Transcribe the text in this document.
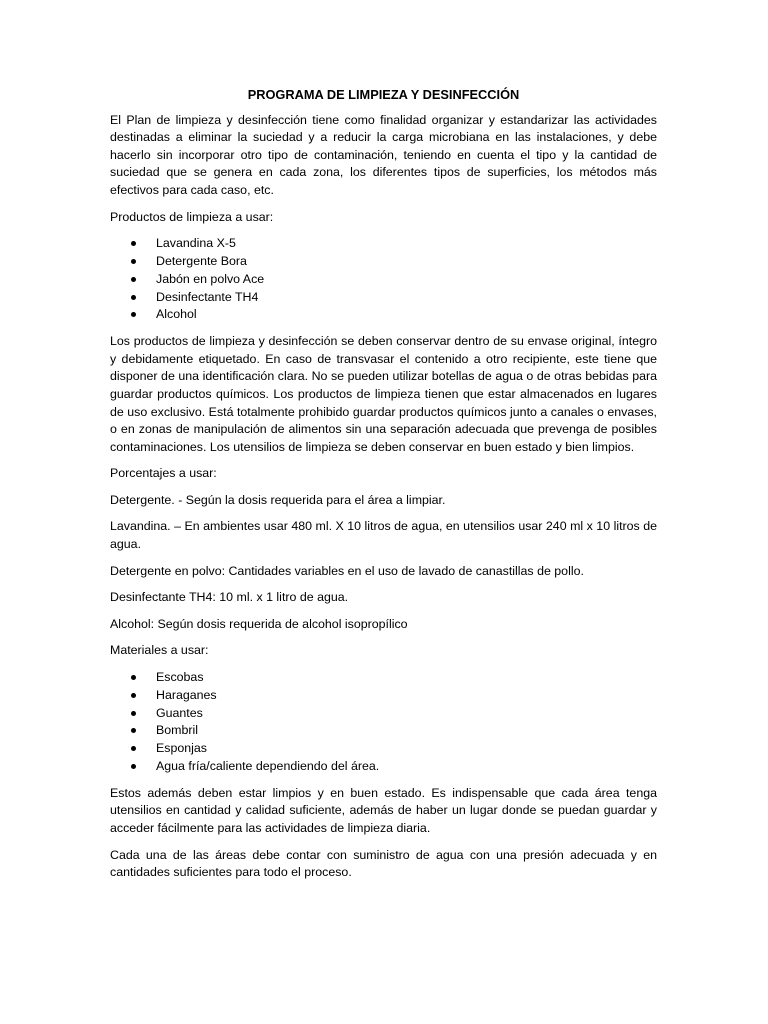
PROGRAMA DE LIMPIEZA Y DESINFECCIÓN

El Plan de limpieza y desinfección tiene como finalidad organizar y estandarizar las actividades destinadas a eliminar la suciedad y a reducir la carga microbiana en las instalaciones, y debe hacerlo sin incorporar otro tipo de contaminación, teniendo en cuenta el tipo y la cantidad de suciedad que se genera en cada zona, los diferentes tipos de superficies, los métodos más efectivos para cada caso, etc.

Productos de limpieza a usar:

Lavandina X-5
Detergente Bora
Jabón en polvo Ace
Desinfectante TH4
Alcohol

Los productos de limpieza y desinfección se deben conservar dentro de su envase original, íntegro y debidamente etiquetado. En caso de transvasar el contenido a otro recipiente, este tiene que disponer de una identificación clara. No se pueden utilizar botellas de agua o de otras bebidas para guardar productos químicos. Los productos de limpieza tienen que estar almacenados en lugares de uso exclusivo. Está totalmente prohibido guardar productos químicos junto a canales o envases, o en zonas de manipulación de alimentos sin una separación adecuada que prevenga de posibles contaminaciones. Los utensilios de limpieza se deben conservar en buen estado y bien limpios.

Porcentajes a usar:

Detergente. - Según la dosis requerida para el área a limpiar.

Lavandina. – En ambientes usar 480 ml. X 10 litros de agua, en utensilios usar 240 ml x 10 litros de agua.

Detergente en polvo: Cantidades variables en el uso de lavado de canastillas de pollo.

Desinfectante TH4: 10 ml. x 1 litro de agua.

Alcohol: Según dosis requerida de alcohol isopropílico

Materiales a usar:

Escobas
Haraganes
Guantes
Bombril
Esponjas
Agua fría/caliente dependiendo del área.

Estos además deben estar limpios y en buen estado. Es indispensable que cada área tenga utensilios en cantidad y calidad suficiente, además de haber un lugar donde se puedan guardar y acceder fácilmente para las actividades de limpieza diaria.

Cada una de las áreas debe contar con suministro de agua con una presión adecuada y en cantidades suficientes para todo el proceso.
